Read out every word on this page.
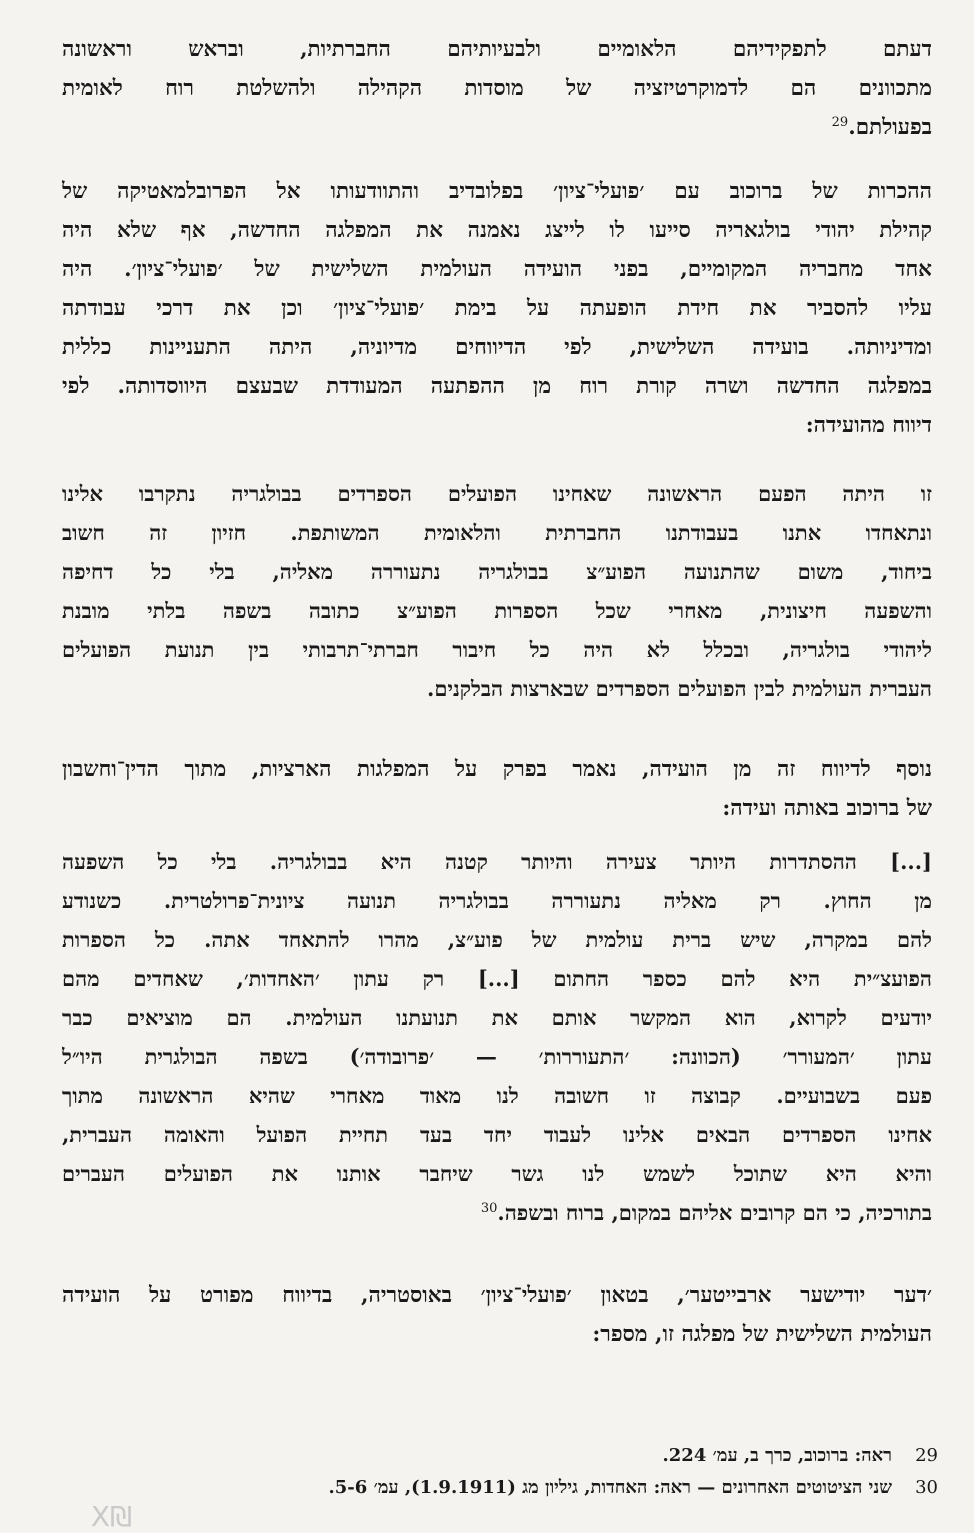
דעתם לתפקידיהם הלאומיים ולבעיותיהם החברתיות, ובראש וראשונה
מתכוונים הם לדמוקרטיזציה של מוסדות הקהילה ולהשלטת רוח לאומית
בפעולתם.$^{29}$
ההכרות של ברוכוב עם ׳פועלי־ציון׳ בפלובדיב והתוודעותו אל הפרובלמאטיקה של
קהילת יהודי בולגאריה סייעו לו לייצג נאמנה את המפלגה החדשה, אף שלא היה
אחד מחבריה המקומיים, בפני הועידה העולמית השלישית של ׳פועלי־ציון׳. היה
עליו להסביר את חידת הופעתה על בימת ׳פועלי־ציון׳ וכן את דרכי עבודתה
ומדיניותה. בועידה השלישית, לפי הדיווחים מדיוניה, היתה התעניינות כללית
במפלגה החדשה ושרה קורת רוח מן ההפתעה המעודדת שבעצם היווסדותה. לפי
דיווח מהועידה:
זו היתה הפעם הראשונה שאחינו הפועלים הספרדים בבולגריה נתקרבו אלינו
ונתאחדו אתנו בעבודתנו החברתית והלאומית המשותפת. חזיון זה חשוב
ביחוד, משום שהתנועה הפוע״צ בבולגריה נתעוררה מאליה, בלי כל דחיפה
והשפעה חיצונית, מאחרי שכל הספרות הפוע״צ כתובה בשפה בלתי מובנת
ליהודי בולגריה, ובכלל לא היה כל חיבור חברתי־תרבותי בין תנועת הפועלים
העברית העולמית לבין הפועלים הספרדים שבארצות הבלקנים.
נוסף לדיווח זה מן הועידה, נאמר בפרק על המפלגות הארציות, מתוך הדין־וחשבון
של ברוכוב באותה ועידה:
[...] ההסתדרות היותר צעירה והיותר קטנה היא בבולגריה. בלי כל השפעה
מן החוץ. רק מאליה נתעוררה בבולגריה תנועה ציונית־פרולטרית. כשנודע
להם במקרה, שיש ברית עולמית של פוע״צ, מהרו להתאחד אתה. כל הספרות
הפועצ״ית היא להם כספר החתום [...] רק עתון ׳האחדות׳, שאחדים מהם
יודעים לקרוא, הוא המקשר אותם את תנועתנו העולמית. הם מוציאים כבר
עתון ׳המעורר׳ (הכוונה: ׳התעוררות׳ — ׳פרובודה׳) בשפה הבולגרית היו״ל
פעם בשבועיים. קבוצה זו חשובה לנו מאוד מאחרי שהיא הראשונה מתוך
אחינו הספרדים הבאים אלינו לעבוד יחד בעד תחיית הפועל והאומה העברית,
והיא היא שתוכל לשמש לנו גשר שיחבר אותנו את הפועלים העברים
בתורכיה, כי הם קרובים אליהם במקום, ברוח ובשפה.$^{30}$
׳דער יודישער ארבייטער׳, בטאון ׳פועלי־ציון׳ באוסטריה, בדיווח מפורט על הועידה
העולמית השלישית של מפלגה זו, מספר:
29
ראה: ברוכוב, כרך ב, עמ׳ 224.
30
שני הציטוטים האחרונים — ראה: האחדות, גיליון מג (1.9.1911), עמ׳ 5-6.
₪X
